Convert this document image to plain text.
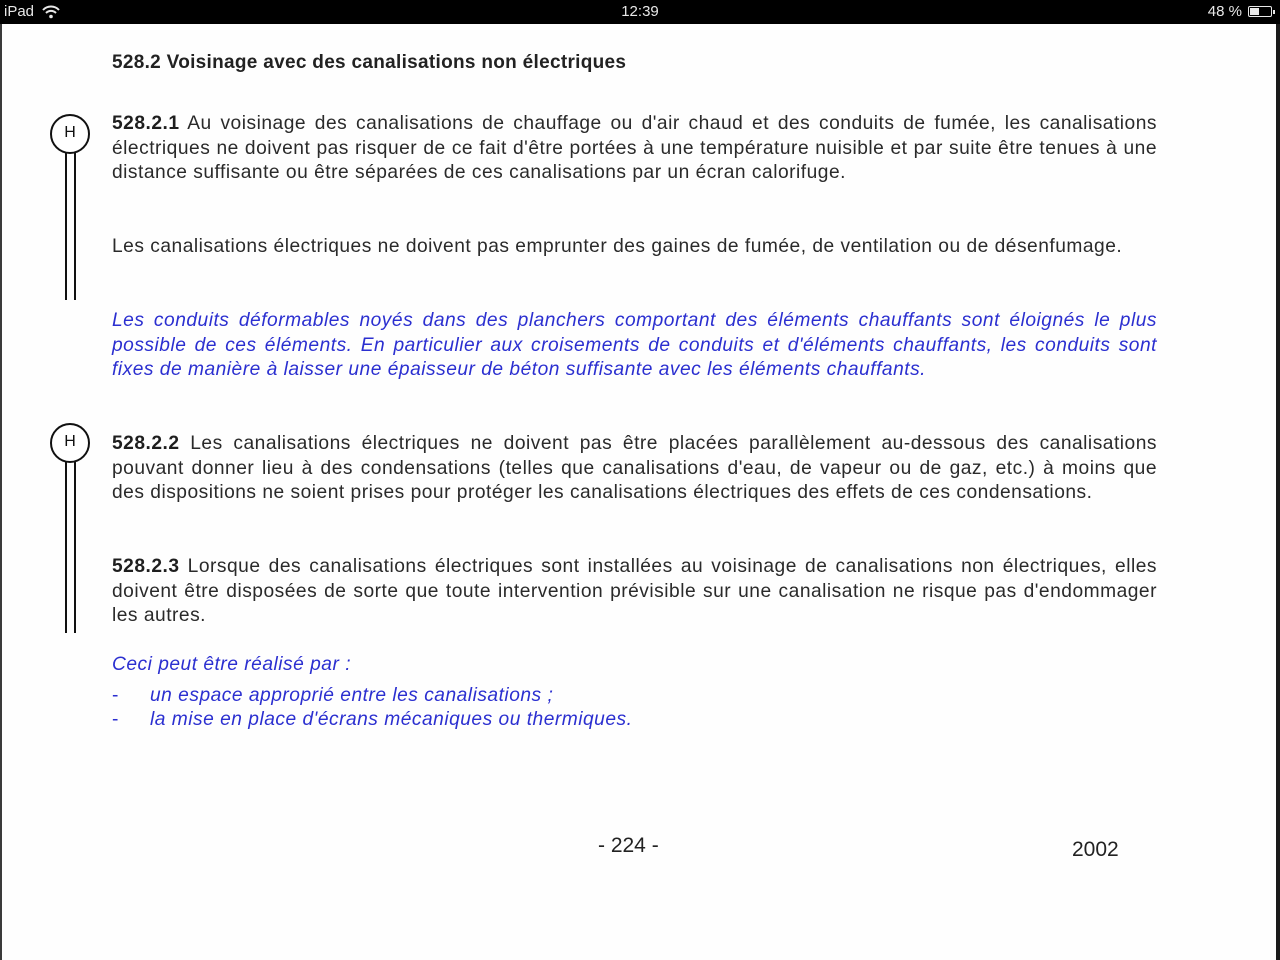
iPad	12:39	48 %
528.2 Voisinage avec des canalisations non électriques
H	528.2.1 Au voisinage des canalisations de chauffage ou d'air chaud et des conduits de fumée, les canalisations électriques ne doivent pas risquer de ce fait d'être portées à une température nuisible et par suite être tenues à une distance suffisante ou être séparées de ces canalisations par un écran calorifuge.
Les canalisations électriques ne doivent pas emprunter des gaines de fumée, de ventilation ou de désenfumage.
Les conduits déformables noyés dans des planchers comportant des éléments chauffants sont éloignés le plus possible de ces éléments. En particulier aux croisements de conduits et d'éléments chauffants, les conduits sont fixes de manière à laisser une épaisseur de béton suffisante avec les éléments chauffants.
H	528.2.2 Les canalisations électriques ne doivent pas être placées parallèlement au-dessous des canalisations pouvant donner lieu à des condensations (telles que canalisations d'eau, de vapeur ou de gaz, etc.) à moins que des dispositions ne soient prises pour protéger les canalisations électriques des effets de ces condensations.
528.2.3 Lorsque des canalisations électriques sont installées au voisinage de canalisations non électriques, elles doivent être disposées de sorte que toute intervention prévisible sur une canalisation ne risque pas d'endommager les autres.
Ceci peut être réalisé par :
- un espace approprié entre les canalisations ;
- la mise en place d'écrans mécaniques ou thermiques.
- 224 -	2002
